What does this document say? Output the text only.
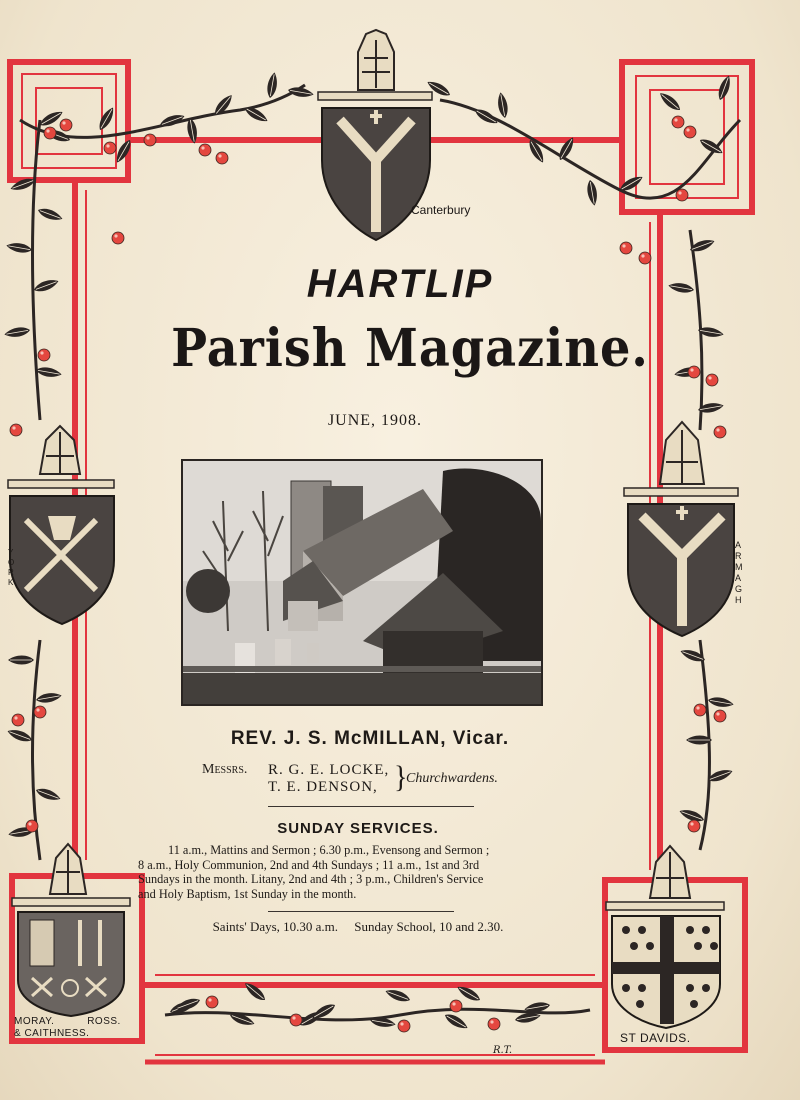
Canterbury
Y
O
R
K
A
R
M
A
G
H
MORAY.          ROSS.
& CAITHNESS.	ST DAVIDS.
R.T.
HARTLIP
Parish Magazine.
JUNE, 1908.
REV. J. S. McMILLAN, Vicar.
Messrs. R. G. E. LOCKE,
T. E. DENSON, }
Churchwardens.
SUNDAY SERVICES.
11 a.m., Mattins and Sermon ; 6.30 p.m., Evensong and Sermon ;
8 a.m., Holy Communion, 2nd and 4th Sundays ; 11 a.m., 1st and 3rd
Sundays in the month. Litany, 2nd and 4th ; 3 p.m., Children's Service
and Holy Baptism, 1st Sunday in the month.
Saints' Days, 10.30 a.m.     Sunday School, 10 and 2.30.
